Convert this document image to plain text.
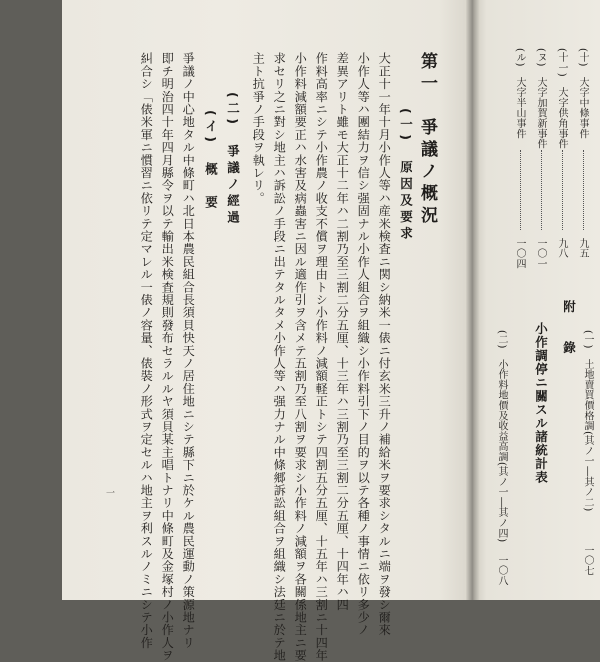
第一　爭議ノ概況
(一)　原因及要求
大正十一年十月小作人等ハ産米検査ニ関シ納米一俵ニ付玄米三升ノ補給米ヲ要求シタルニ端ヲ發シ爾來
小作人等ハ團結力ヲ信シ强固ナル小作人組合ヲ組織シ小作料引下ノ目的ヲ以テ各種ノ事情ニ依リ多少ノ
差異アリト雖モ大正十二年ハ二割乃至三割二分五厘、十三年ハ三割乃至三割二分五厘、十四年ハ四
作料高率ニシテ小作農ノ收支不償ヲ理由トシ小作料ノ減額軽正トシテ四割五分五厘、十五年ハ三割ニ十四年
小作料減額要正ハ水害及病蟲害ニ因ル適作引ヲ含メテ五割乃至八割ヲ要求シ小作料ノ減額ヲ各關係地主ニ要
求セリ之ニ對シ地主ハ訴訟ノ手段ニ出テタルタメ小作人等ハ强力ナル中條郷訴訟組合ヲ組織シ法廷ニ於テ地
主ト抗爭ノ手段ヲ執レリ。
(二)　爭議ノ經過
(イ)　概　要
爭議ノ中心地タル中條町ハ北日本農民組合長須貝快天ノ居住地ニシテ縣下ニ於ケル農民運動ノ策源地ナリ
即チ明治四十年四月縣令ヲ以テ輸出米検査規則發布セラルルヤ須貝某主唱トナリ中條町及金塚村ノ小作人ヲ
糾合シ「俵米軍ニ慣習ニ依リテ定マレル一俵ノ容量、俵裝ノ形式ヲ定セルハ地主ヲ利スルノミニシテ小作
一
(十)　大字中條事件
九五
(十一)　大字供角事件
九八
(ヌ)　大字加賀新事件
一〇一
(ル)　大字半山事件
一〇四
附　錄
小作調停ニ關スル諸統計表	(一)　土地賣買價格調(其ノ一―其ノ二)
一〇七
(二)　小作料地價及收益高調(其ノ一―其ノ四)
一〇八
